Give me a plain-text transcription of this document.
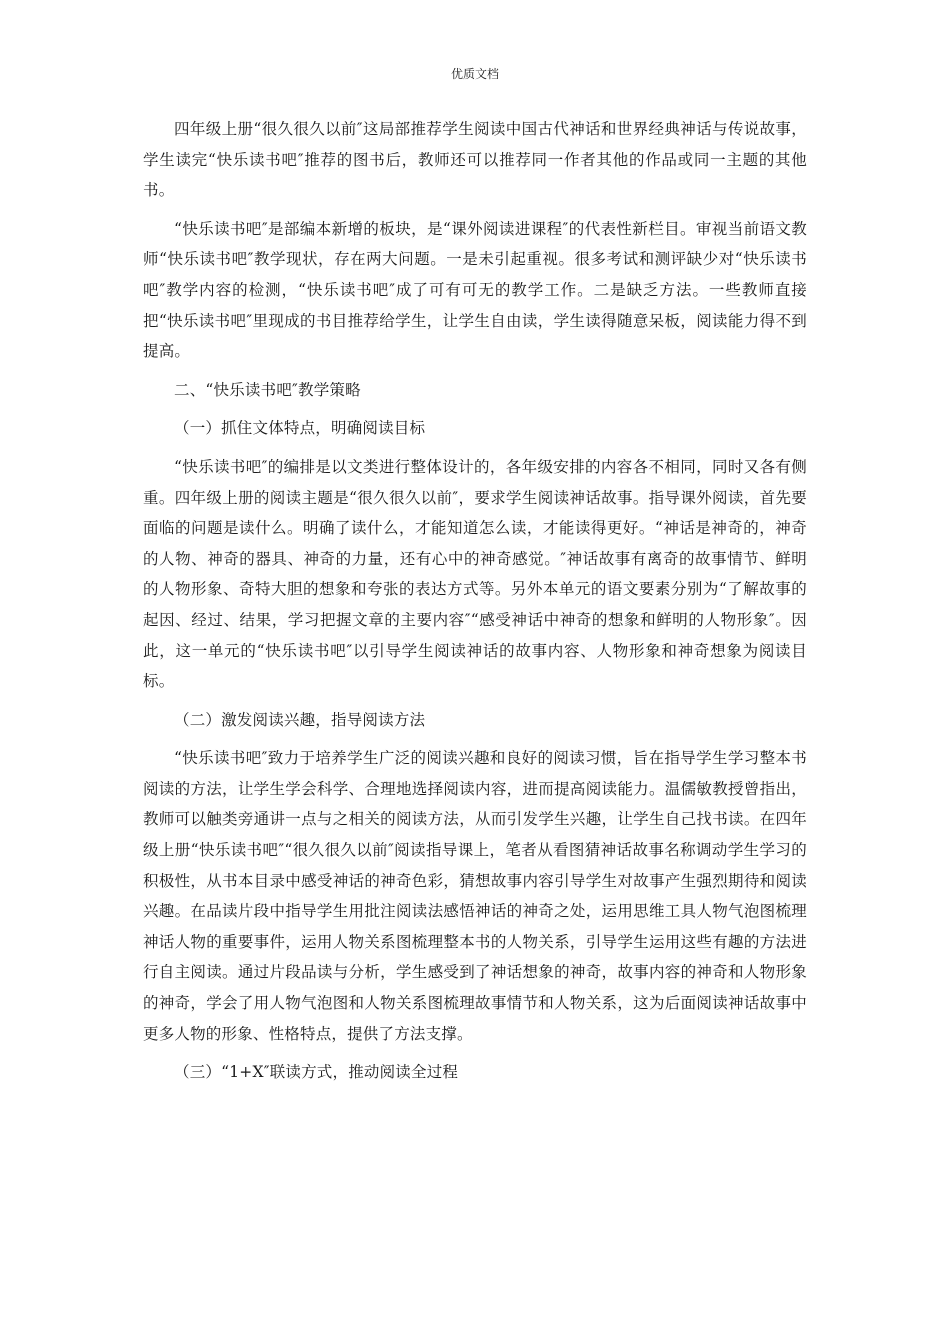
优质文档

四年级上册“很久很久以前″这局部推荐学生阅读中国古代神话和世界经典神话与传说故事，学生读完“快乐读书吧″推荐的图书后，教师还可以推荐同一作者其他的作品或同一主题的其他书。

“快乐读书吧″是部编本新增的板块，是“课外阅读进课程″的代表性新栏目。审视当前语文教师“快乐读书吧″教学现状，存在两大问题。一是未引起重视。很多考试和测评缺少对“快乐读书吧″教学内容的检测，“快乐读书吧″成了可有可无的教学工作。二是缺乏方法。一些教师直接把“快乐读书吧″里现成的书目推荐给学生，让学生自由读，学生读得随意呆板，阅读能力得不到提高。

二、“快乐读书吧″教学策略

（一）抓住文体特点，明确阅读目标

“快乐读书吧″的编排是以文类进行整体设计的，各年级安排的内容各不相同，同时又各有侧重。四年级上册的阅读主题是“很久很久以前″，要求学生阅读神话故事。指导课外阅读，首先要面临的问题是读什么。明确了读什么，才能知道怎么读，才能读得更好。“神话是神奇的，神奇的人物、神奇的器具、神奇的力量，还有心中的神奇感觉。″神话故事有离奇的故事情节、鲜明的人物形象、奇特大胆的想象和夸张的表达方式等。另外本单元的语文要素分别为“了解故事的起因、经过、结果，学习把握文章的主要内容″“感受神话中神奇的想象和鲜明的人物形象″。因此，这一单元的“快乐读书吧″以引导学生阅读神话的故事内容、人物形象和神奇想象为阅读目标。

（二）激发阅读兴趣，指导阅读方法

“快乐读书吧″致力于培养学生广泛的阅读兴趣和良好的阅读习惯，旨在指导学生学习整本书阅读的方法，让学生学会科学、合理地选择阅读内容，进而提高阅读能力。温儒敏教授曾指出，教师可以触类旁通讲一点与之相关的阅读方法，从而引发学生兴趣，让学生自己找书读。在四年级上册“快乐读书吧″“很久很久以前″阅读指导课上，笔者从看图猜神话故事名称调动学生学习的积极性，从书本目录中感受神话的神奇色彩，猜想故事内容引导学生对故事产生强烈期待和阅读兴趣。在品读片段中指导学生用批注阅读法感悟神话的神奇之处，运用思维工具人物气泡图梳理神话人物的重要事件，运用人物关系图梳理整本书的人物关系，引导学生运用这些有趣的方法进行自主阅读。通过片段品读与分析，学生感受到了神话想象的神奇，故事内容的神奇和人物形象的神奇，学会了用人物气泡图和人物关系图梳理故事情节和人物关系，这为后面阅读神话故事中更多人物的形象、性格特点，提供了方法支撑。

（三）“1+X″联读方式，推动阅读全过程
